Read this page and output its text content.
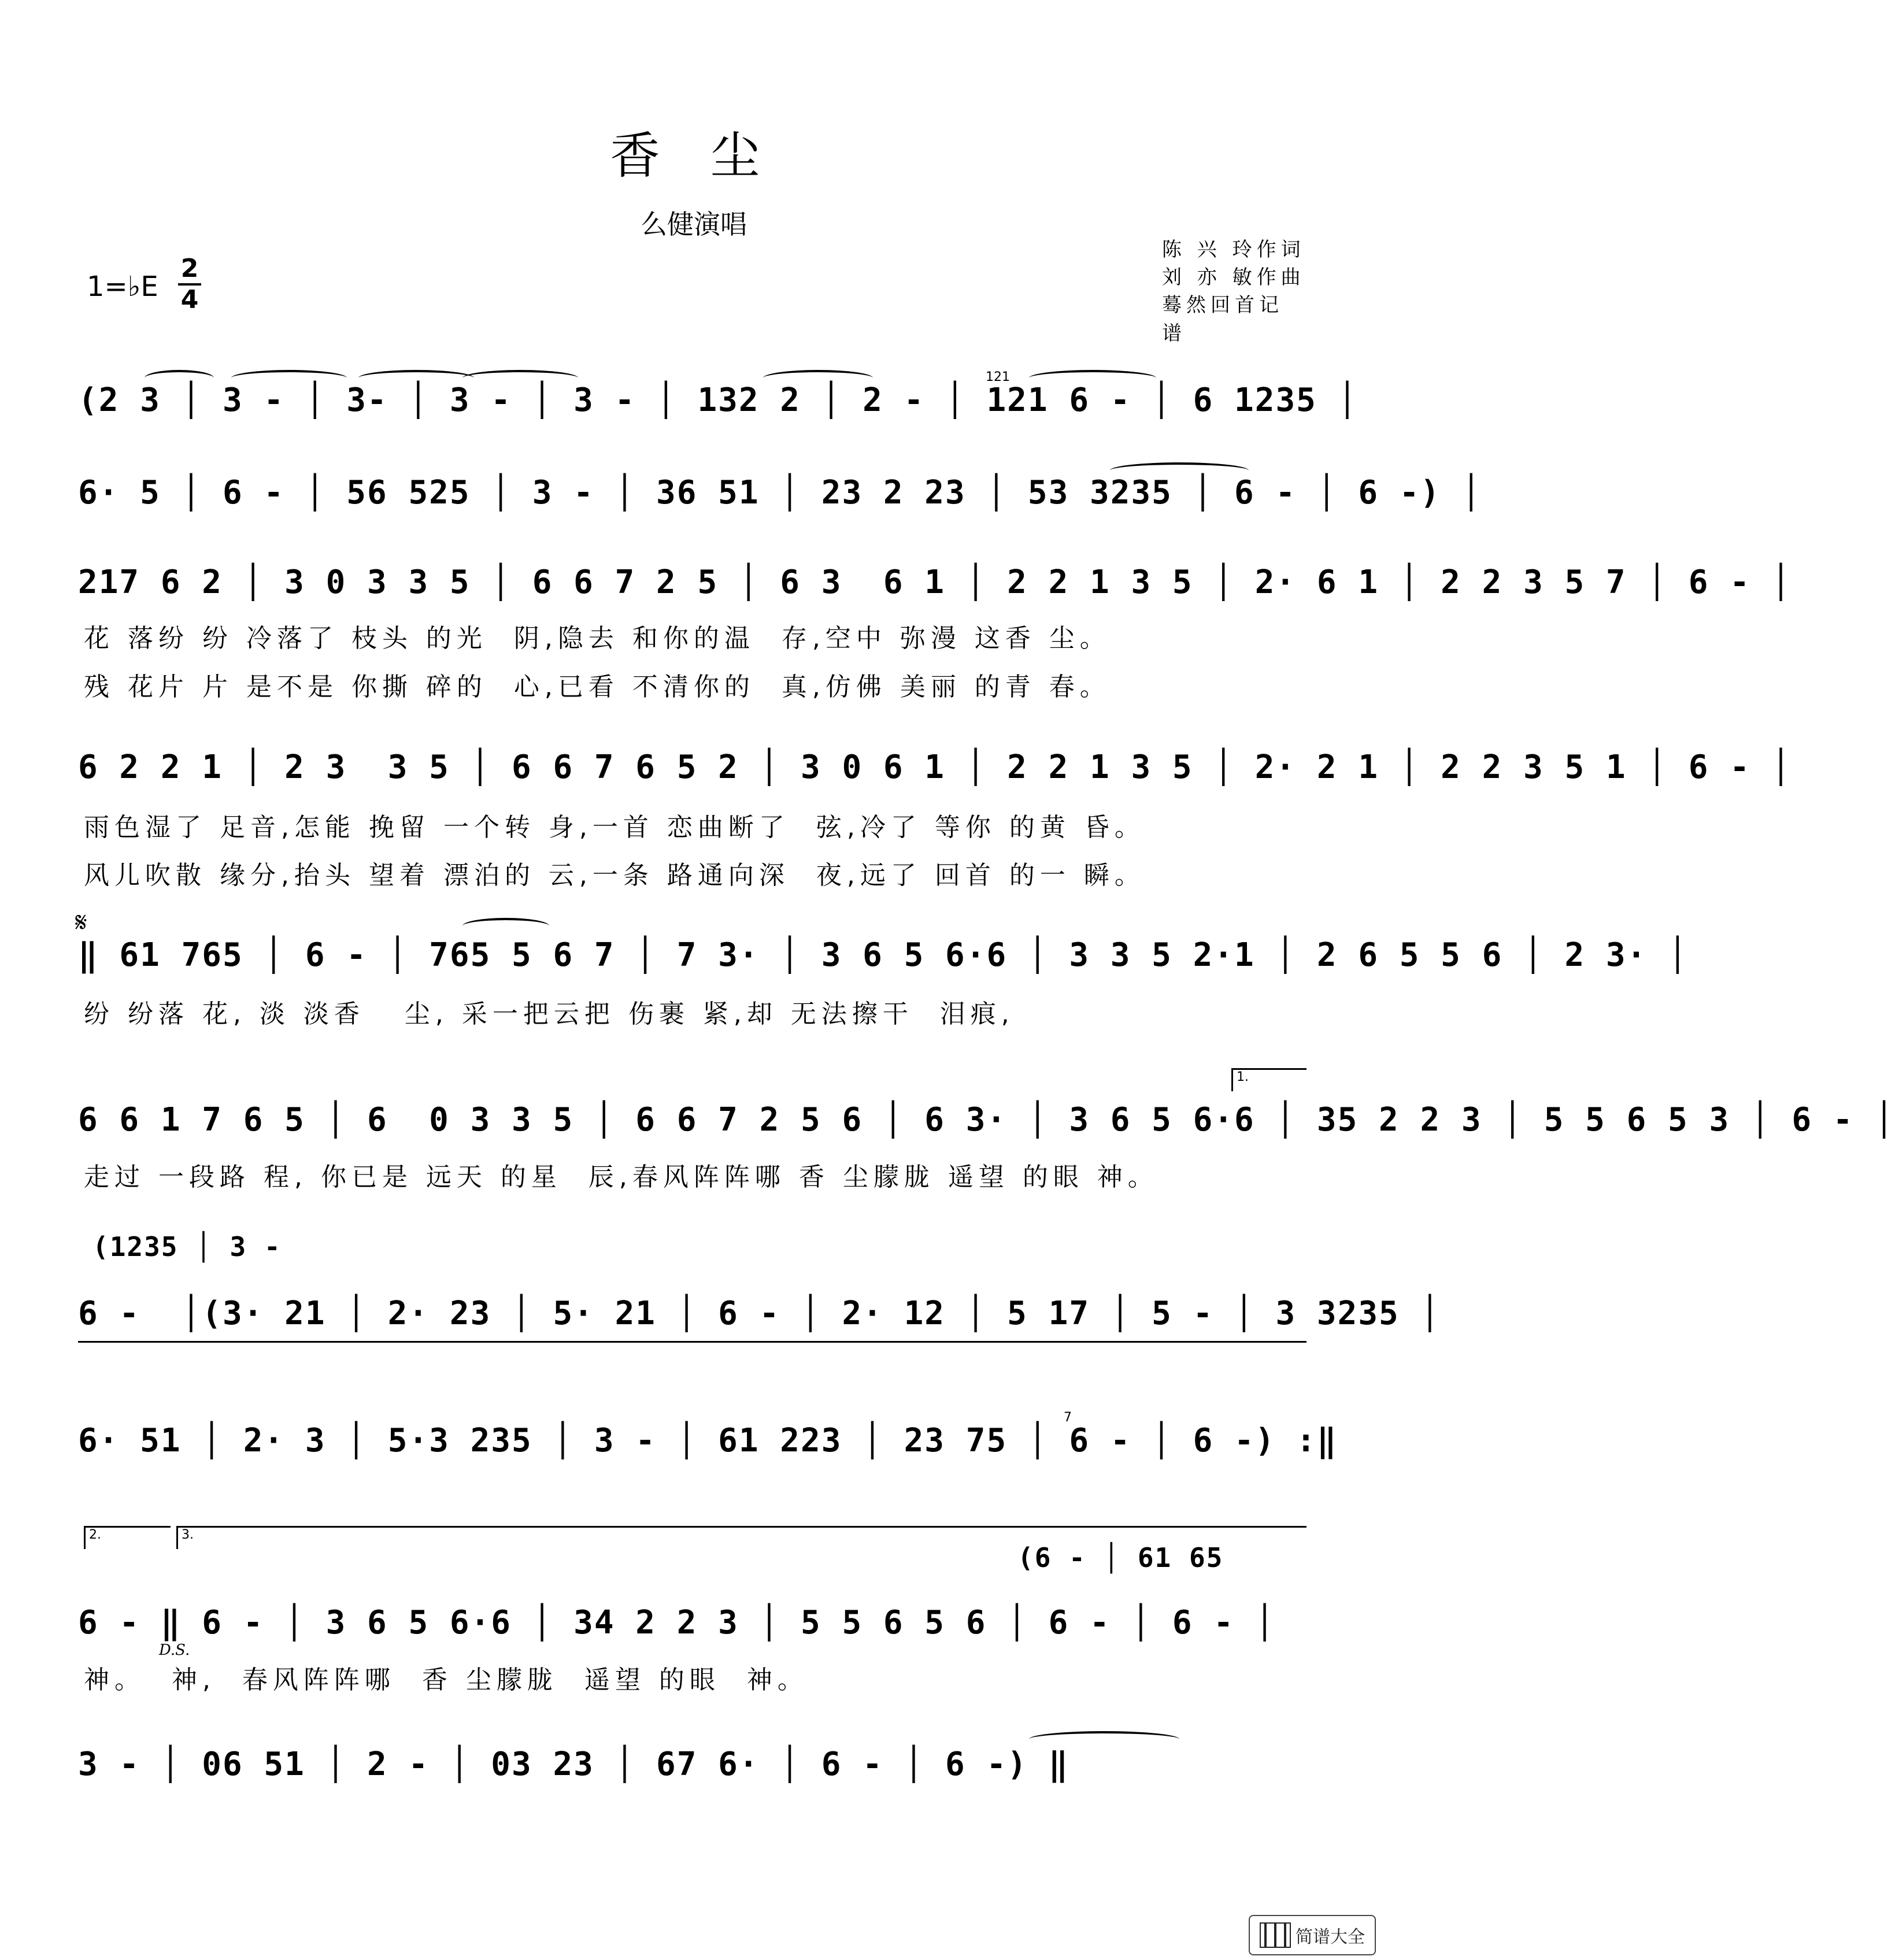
香 尘
么健演唱
陈 兴 玲作词
刘 亦 敏作曲
蓦然回首记谱
1=♭E
2
4
121
(2 3 │ 3 - │ 3- │ 3 - │ 3 - │ 132 2 │ 2 - │ 121 6 - │ 6 1235 │
6· 5 │ 6 - │ 56 525 │ 3 - │ 36 51 │ 23 2 23 │ 53 3235 │ 6 - │ 6 -) │
217 6 2 │ 3 0 3 3 5 │ 6 6 7 2 5 │ 6 3  6 1 │ 2 2 1 3 5 │ 2· 6 1 │ 2 2 3 5 7 │ 6 - │
花 落纷 纷 冷落了 枝头 的光  阴,隐去 和你的温  存,空中 弥漫 这香 尘。
残 花片 片 是不是 你撕 碎的  心,已看 不清你的  真,仿佛 美丽 的青 春。
6 2 2 1 │ 2 3  3 5 │ 6 6 7 6 5 2 │ 3 0 6 1 │ 2 2 1 3 5 │ 2· 2 1 │ 2 2 3 5 1 │ 6 - │
雨色湿了 足音,怎能 挽留 一个转 身,一首 恋曲断了  弦,冷了 等你 的黄 昏。
风儿吹散 缘分,抬头 望着 漂泊的 云,一条 路通向深  夜,远了 回首 的一 瞬。
𝄋
‖ 61 765 │ 6 - │ 765 5 6 7 │ 7 3· │ 3 6 5 6·6 │ 3 3 5 2·1 │ 2 6 5 5 6 │ 2 3· │
纷 纷落 花, 淡 淡香   尘, 采一把云把 伤裹 紧,却 无法擦干  泪痕,
1.
6 6 1 7 6 5 │ 6  0 3 3 5 │ 6 6 7 2 5 6 │ 6 3· │ 3 6 5 6·6 │ 35 2 2 3 │ 5 5 6 5 3 │ 6 - │
走过 一段路 程, 你已是 远天 的星  辰,春风阵阵哪 香 尘朦胧 遥望 的眼 神。
(1235 │ 3 -
6 -  │(3· 21 │ 2· 23 │ 5· 21 │ 6 - │ 2· 12 │ 5 17 │ 5 - │ 3 3235 │
7
6· 51 │ 2· 3 │ 5·3 235 │ 3 - │ 61 223 │ 23 75 │ 6 - │ 6 -) :‖
2.	3.
(6 - │ 61 65
6 - ‖ 6 - │ 3 6 5 6·6 │ 34 2 2 3 │ 5 5 6 5 6 │ 6 - │ 6 - │
D.S.
神。  神,  春风阵阵哪  香 尘朦胧  遥望 的眼  神。
3 - │ 06 51 │ 2 - │ 03 23 │ 67 6· │ 6 - │ 6 -) ‖
简谱大全
